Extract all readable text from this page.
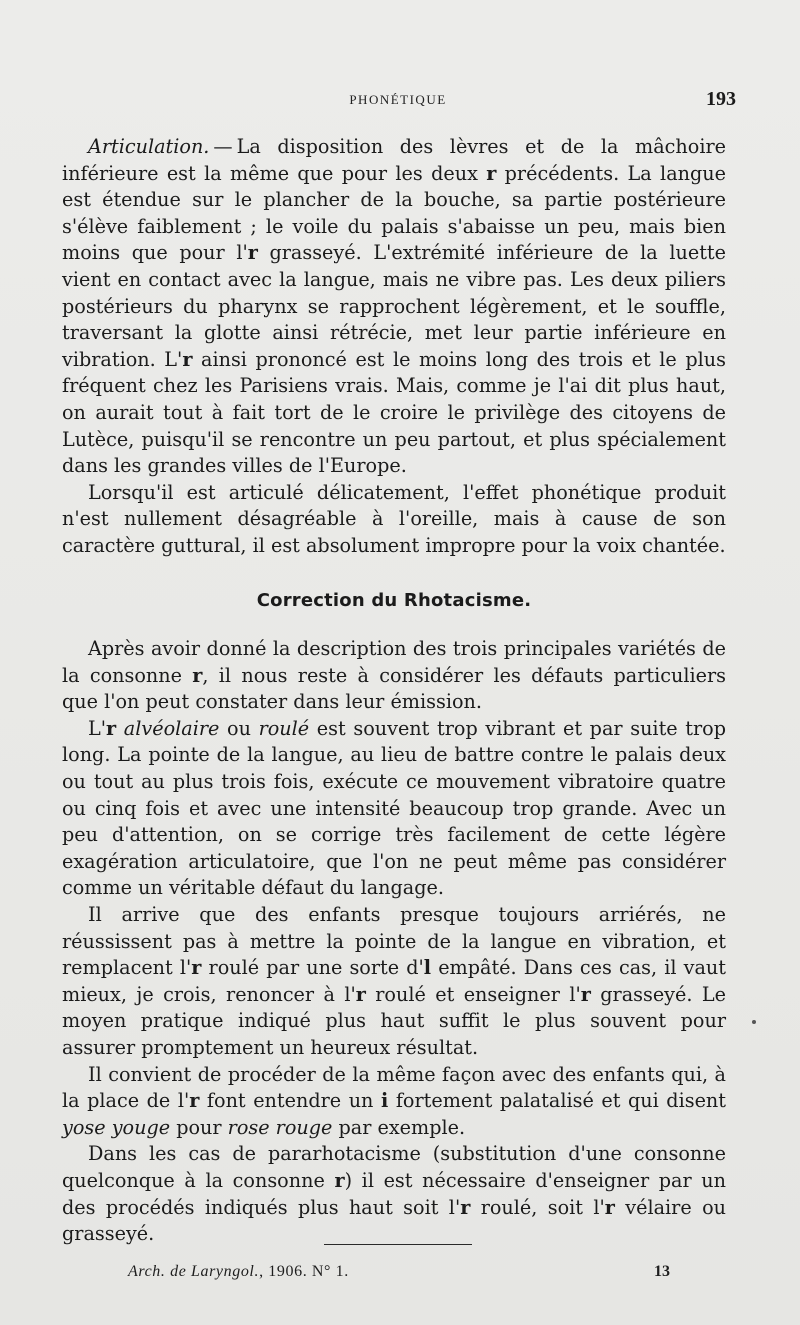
PHONÉTIQUE	193

Articulation. — La disposition des lèvres et de la mâchoire inférieure est la même que pour les deux r précédents. La langue est étendue sur le plancher de la bouche, sa partie postérieure s'élève faiblement ; le voile du palais s'abaisse un peu, mais bien moins que pour l'r grasseyé. L'extrémité inférieure de la luette vient en contact avec la langue, mais ne vibre pas. Les deux piliers postérieurs du pharynx se rapprochent légèrement, et le souffle, traversant la glotte ainsi rétrécie, met leur partie inférieure en vibration. L'r ainsi prononcé est le moins long des trois et le plus fréquent chez les Parisiens vrais. Mais, comme je l'ai dit plus haut, on aurait tout à fait tort de le croire le privilège des citoyens de Lutèce, puisqu'il se rencontre un peu partout, et plus spécialement dans les grandes villes de l'Europe.

Lorsqu'il est articulé délicatement, l'effet phonétique produit n'est nullement désagréable à l'oreille, mais à cause de son caractère guttural, il est absolument impropre pour la voix chantée.

Correction du Rhotacisme.

Après avoir donné la description des trois principales variétés de la consonne r, il nous reste à considérer les défauts particuliers que l'on peut constater dans leur émission.

L'r alvéolaire ou roulé est souvent trop vibrant et par suite trop long. La pointe de la langue, au lieu de battre contre le palais deux ou tout au plus trois fois, exécute ce mouvement vibratoire quatre ou cinq fois et avec une intensité beaucoup trop grande. Avec un peu d'attention, on se corrige très facilement de cette légère exagération articulatoire, que l'on ne peut même pas considérer comme un véritable défaut du langage.

Il arrive que des enfants presque toujours arriérés, ne réussissent pas à mettre la pointe de la langue en vibration, et remplacent l'r roulé par une sorte d'l empâté. Dans ces cas, il vaut mieux, je crois, renoncer à l'r roulé et enseigner l'r grasseyé. Le moyen pratique indiqué plus haut suffit le plus souvent pour assurer promptement un heureux résultat.

Il convient de procéder de la même façon avec des enfants qui, à la place de l'r font entendre un i fortement palatalisé et qui disent yose youge pour rose rouge par exemple.

Dans les cas de pararhotacisme (substitution d'une consonne quelconque à la consonne r) il est nécessaire d'enseigner par un des procédés indiqués plus haut soit l'r roulé, soit l'r vélaire ou grasseyé.

Arch. de Laryngol., 1906. N° 1.	13
